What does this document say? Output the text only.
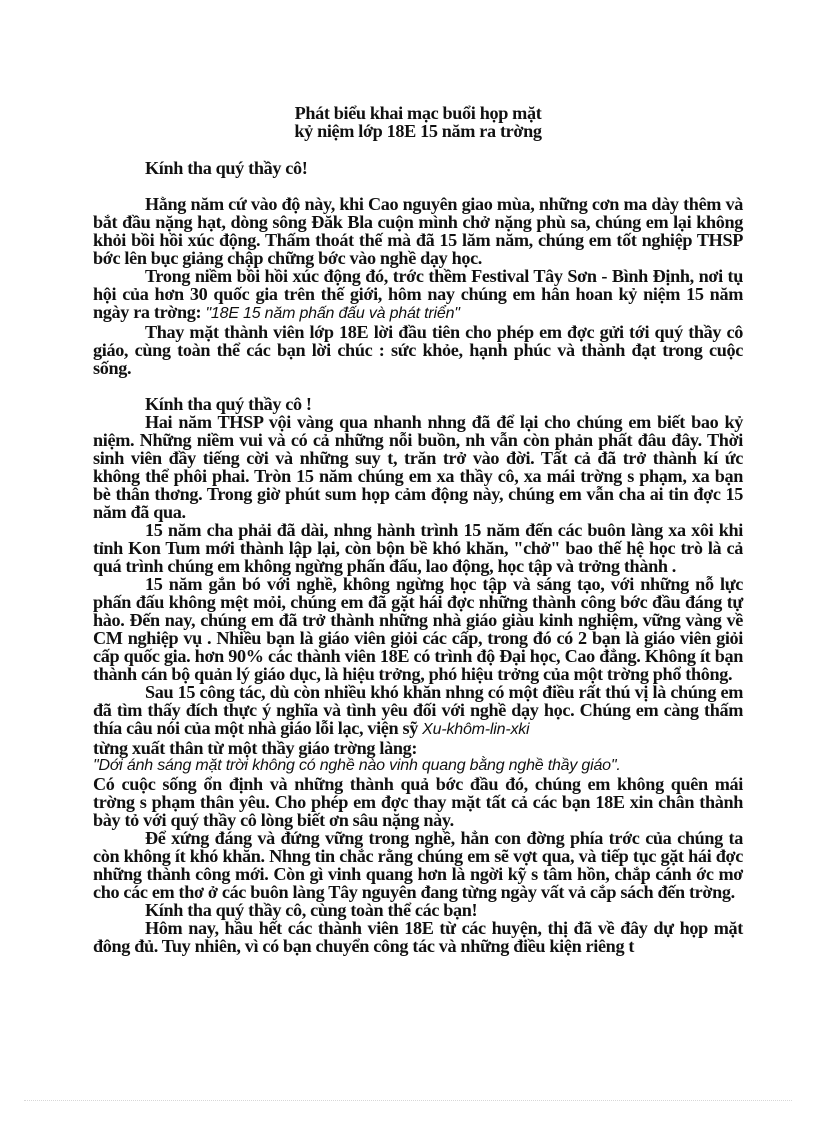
Phát biểu khai mạc buổi họp mặt
kỷ niệm lớp 18E 15 năm ra trờng

Kính tha quý thầy cô!

Hằng năm cứ vào độ này, khi Cao nguyên giao mùa, những cơn ma dày thêm và bắt đầu nặng hạt, dòng sông Đăk Bla cuộn mình chở nặng phù sa, chúng em lại không khỏi bồi hồi xúc động. Thấm thoát thế mà đã 15 lăm năm, chúng em tốt nghiệp THSP bớc lên bục giảng chập chững bớc vào nghề dạy học.

Trong niềm bồi hồi xúc động đó, trớc thềm Festival Tây Sơn - Bình Định, nơi tụ hội của hơn 30 quốc gia trên thế giới, hôm nay chúng em hân hoan kỷ niệm 15 năm ngày ra trờng: "18E 15 năm phấn đấu và phát triển"

Thay mặt thành viên lớp 18E lời đầu tiên cho phép em đợc gửi tới quý thầy cô giáo, cùng toàn thể các bạn lời chúc : sức khỏe, hạnh phúc và thành đạt trong cuộc sống.

Kính tha quý thầy cô !

Hai năm THSP vội vàng qua nhanh nhng đã để lại cho chúng em biết bao kỷ niệm. Những niềm vui và có cả những nỗi buồn, nh vẫn còn phản phất đâu đây. Thời sinh viên đầy tiếng cời và những suy t, trăn trở vào đời. Tất cả đã trở thành kí ức không thể phôi phai. Tròn 15 năm chúng em xa thầy cô, xa mái trờng s phạm, xa bạn bè thân thơng. Trong giờ phút sum họp cảm động này, chúng em vẫn cha ai tin đợc 15 năm đã qua.

15 năm cha phải đã dài, nhng hành trình 15 năm đến các buôn làng xa xôi khi tỉnh Kon Tum mới thành lập lại, còn bộn bề khó khăn, "chở" bao thế hệ học trò là cả quá trình chúng em không ngừng phấn đấu, lao động, học tập và trởng thành .

15 năm gắn bó với nghề, không ngừng học tập và sáng tạo, với những nỗ lực phấn đấu không mệt mỏi, chúng em đã gặt hái đợc những thành công bớc đầu đáng tự hào. Đến nay, chúng em đã trở thành những nhà giáo giàu kinh nghiệm, vững vàng về CM nghiệp vụ . Nhiều bạn là giáo viên giỏi các cấp, trong đó có 2 bạn là giáo viên giỏi cấp quốc gia. hơn 90% các thành viên 18E có trình độ Đại học, Cao đẳng. Không ít bạn thành cán bộ quản lý giáo dục, là hiệu trởng, phó hiệu trởng của một trờng phổ thông.

Sau 15 công tác, dù còn nhiều khó khăn nhng có một điều rất thú vị là chúng em đã tìm thấy đích thực ý nghĩa và tình yêu đối với nghề dạy học. Chúng em càng thấm thía câu nói của một nhà giáo lỗi lạc, viện sỹ Xu-khôm-lin-xki

từng xuất thân từ một thầy giáo trờng làng:

"Dới ánh sáng mặt trời không có nghề nào vinh quang bằng nghề thầy giáo".

Có cuộc sống ổn định và những thành quả bớc đầu đó, chúng em không quên mái trờng s phạm thân yêu. Cho phép em đợc thay mặt tất cả các bạn 18E xin chân thành bày tỏ với quý thầy cô lòng biết ơn sâu nặng này.

Để xứng đáng và đứng vững trong nghề, hẳn con đờng phía trớc của chúng ta còn không ít khó khăn. Nhng tin chắc rằng chúng em sẽ vợt qua, và tiếp tục gặt hái đợc những thành công mới. Còn gì vinh quang hơn là ngời kỹ s tâm hồn, chắp cánh ớc mơ cho các em thơ ở các buôn làng Tây nguyên đang từng ngày vất vả cắp sách đến trờng.

Kính tha quý thầy cô, cùng toàn thể các bạn!

Hôm nay, hầu hết các thành viên 18E từ các huyện, thị đã về đây dự họp mặt đông đủ. Tuy nhiên, vì có bạn chuyển công tác và những điều kiện riêng t
